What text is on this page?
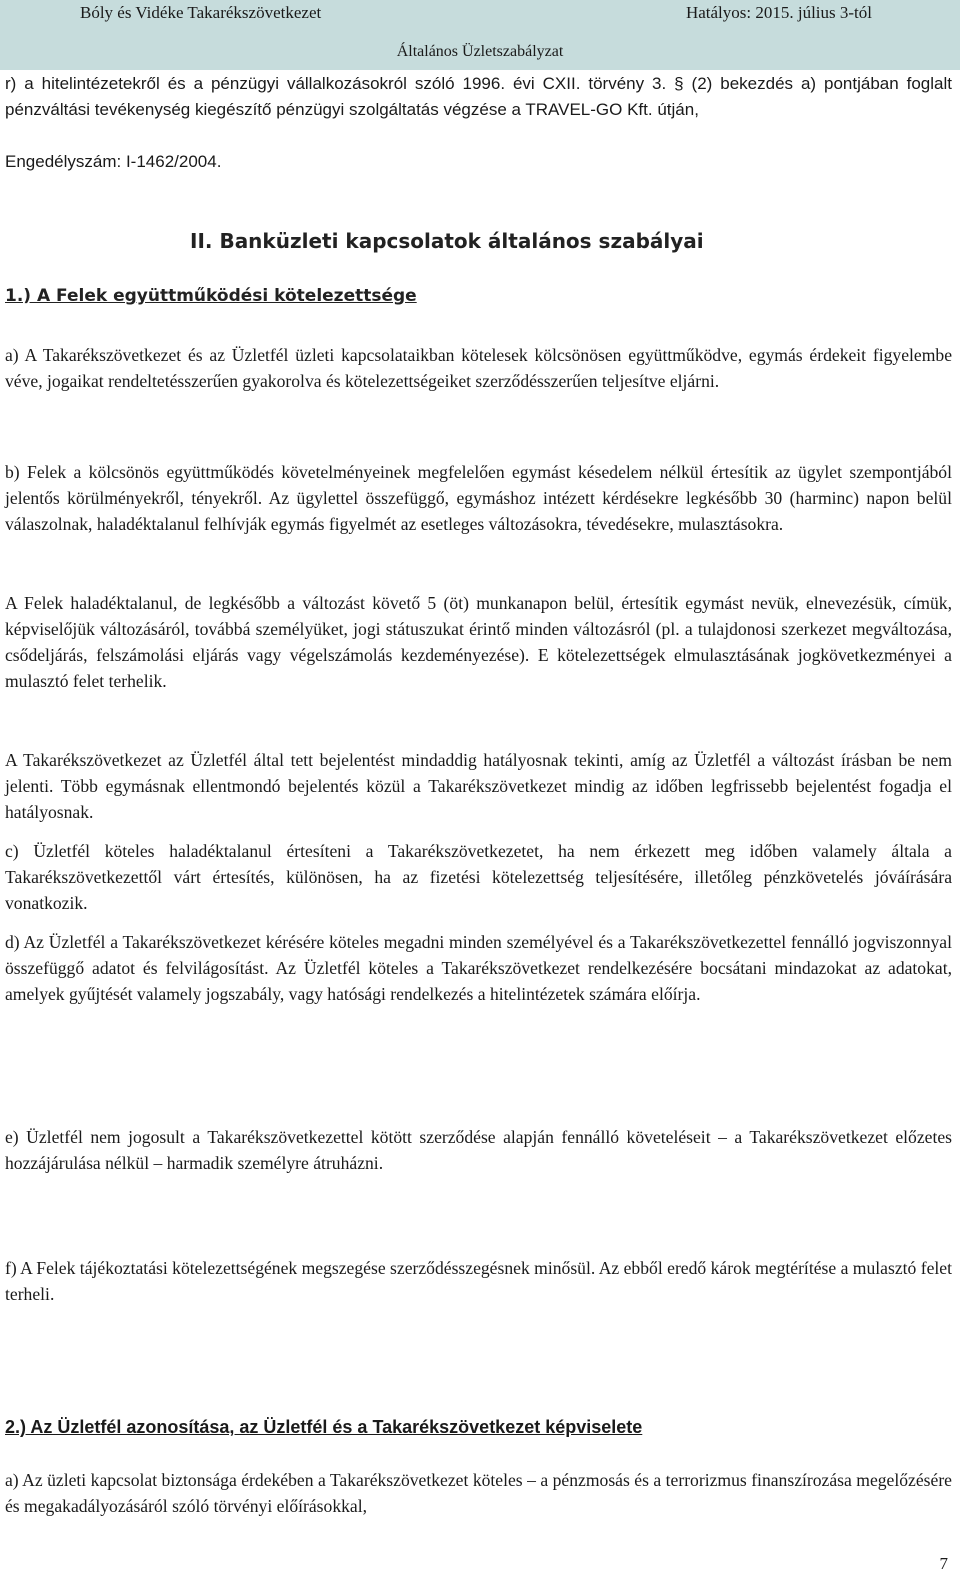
Bóly és Vidéke Takarékszövetkezet	Hatályos: 2015. július 3-tól
Általános Üzletszabályzat

r) a hitelintézetekről és a pénzügyi vállalkozásokról szóló 1996. évi CXII. törvény 3. § (2) bekezdés a) pontjában foglalt pénzváltási tevékenység kiegészítő pénzügyi szolgáltatás végzése a TRAVEL-GO Kft. útján,

Engedélyszám: I-1462/2004.

II. Banküzleti kapcsolatok általános szabályai
1.) A Felek együttműködési kötelezettsége

a) A Takarékszövetkezet és az Üzletfél üzleti kapcsolataikban kötelesek kölcsönösen együttműködve, egymás érdekeit figyelembe véve, jogaikat rendeltetésszerűen gyakorolva és kötelezettségeiket szerződésszerűen teljesítve eljárni.

b) Felek a kölcsönös együttműködés követelményeinek megfelelően egymást késedelem nélkül értesítik az ügylet szempontjából jelentős körülményekről, tényekről. Az ügylettel összefüggő, egymáshoz intézett kérdésekre legkésőbb 30 (harminc) napon belül válaszolnak, haladéktalanul felhívják egymás figyelmét az esetleges változásokra, tévedésekre, mulasztásokra.

A Felek haladéktalanul, de legkésőbb a változást követő 5 (öt) munkanapon belül, értesítik egymást nevük, elnevezésük, címük, képviselőjük változásáról, továbbá személyüket, jogi státuszukat érintő minden változásról (pl. a tulajdonosi szerkezet megváltozása, csődeljárás, felszámolási eljárás vagy végelszámolás kezdeményezése). E kötelezettségek elmulasztásának jogkövetkezményei a mulasztó felet terhelik.

A Takarékszövetkezet az Üzletfél által tett bejelentést mindaddig hatályosnak tekinti, amíg az Üzletfél a változást írásban be nem jelenti. Több egymásnak ellentmondó bejelentés közül a Takarékszövetkezet mindig az időben legfrissebb bejelentést fogadja el hatályosnak.

c) Üzletfél köteles haladéktalanul értesíteni a Takarékszövetkezetet, ha nem érkezett meg időben valamely általa a Takarékszövetkezettől várt értesítés, különösen, ha az fizetési kötelezettség teljesítésére, illetőleg pénzkövetelés jóváírására vonatkozik.

d) Az Üzletfél a Takarékszövetkezet kérésére köteles megadni minden személyével és a Takarékszövetkezettel fennálló jogviszonnyal összefüggő adatot és felvilágosítást. Az Üzletfél köteles a Takarékszövetkezet rendelkezésére bocsátani mindazokat az adatokat, amelyek gyűjtését valamely jogszabály, vagy hatósági rendelkezés a hitelintézetek számára előírja.

e) Üzletfél nem jogosult a Takarékszövetkezettel kötött szerződése alapján fennálló követeléseit – a Takarékszövetkezet előzetes hozzájárulása nélkül – harmadik személyre átruházni.

f) A Felek tájékoztatási kötelezettségének megszegése szerződésszegésnek minősül. Az ebből eredő károk megtérítése a mulasztó felet terheli.

2.) Az Üzletfél azonosítása, az Üzletfél és a Takarékszövetkezet képviselete

a) Az üzleti kapcsolat biztonsága érdekében a Takarékszövetkezet köteles – a pénzmosás és a terrorizmus finanszírozása megelőzésére és megakadályozásáról szóló törvényi előírásokkal,

7
